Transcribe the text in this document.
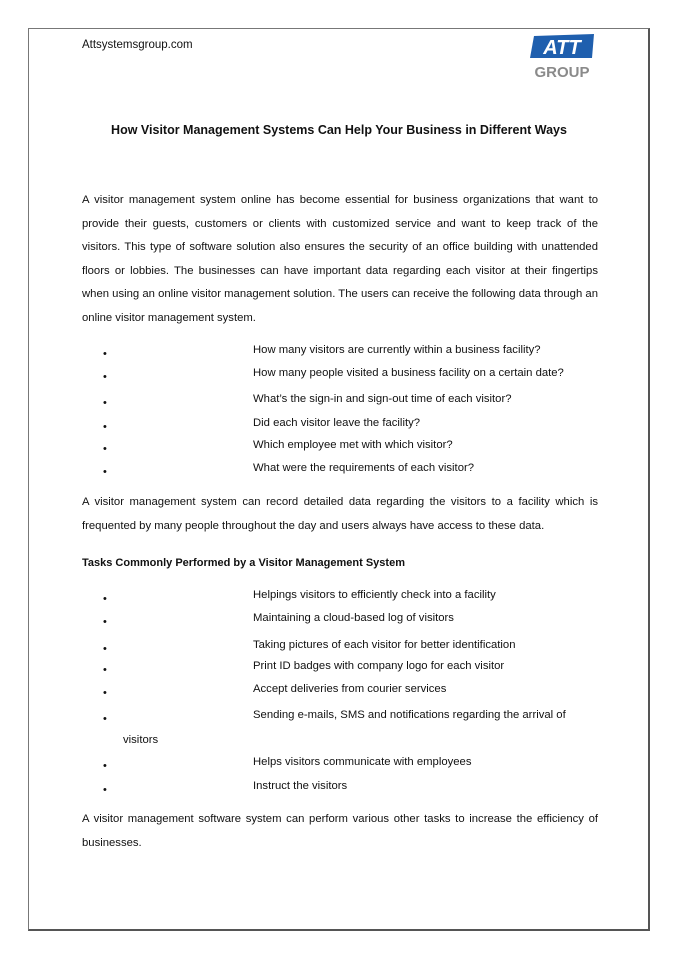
Attsystemsgroup.com	ATT
GROUP
How Visitor Management Systems Can Help Your Business in Different Ways
A visitor management system online has become essential for business organizations that want to provide their guests, customers or clients with customized service and want to keep track of the visitors. This type of software solution also ensures the security of an office building with unattended floors or lobbies. The businesses can have important data regarding each visitor at their fingertips when using an online visitor management solution. The users can receive the following data through an online visitor management system.
•	How many visitors are currently within a business facility?
•	How many people visited a business facility on a certain date?
•	What’s the sign-in and sign-out time of each visitor?
•	Did each visitor leave the facility?
•	Which employee met with which visitor?
•	What were the requirements of each visitor?
A visitor management system can record detailed data regarding the visitors to a facility which is frequented by many people throughout the day and users always have access to these data.
Tasks Commonly Performed by a Visitor Management System
•	Helpings visitors to efficiently check into a facility
•	Maintaining a cloud-based log of visitors
•	Taking pictures of each visitor for better identification
•	Print ID badges with company logo for each visitor
•	Accept deliveries from courier services
•	Sending e-mails, SMS and notifications regarding the arrival of
visitors
•	Helps visitors communicate with employees
•	Instruct the visitors
A visitor management software system can perform various other tasks to increase the efficiency of businesses.
